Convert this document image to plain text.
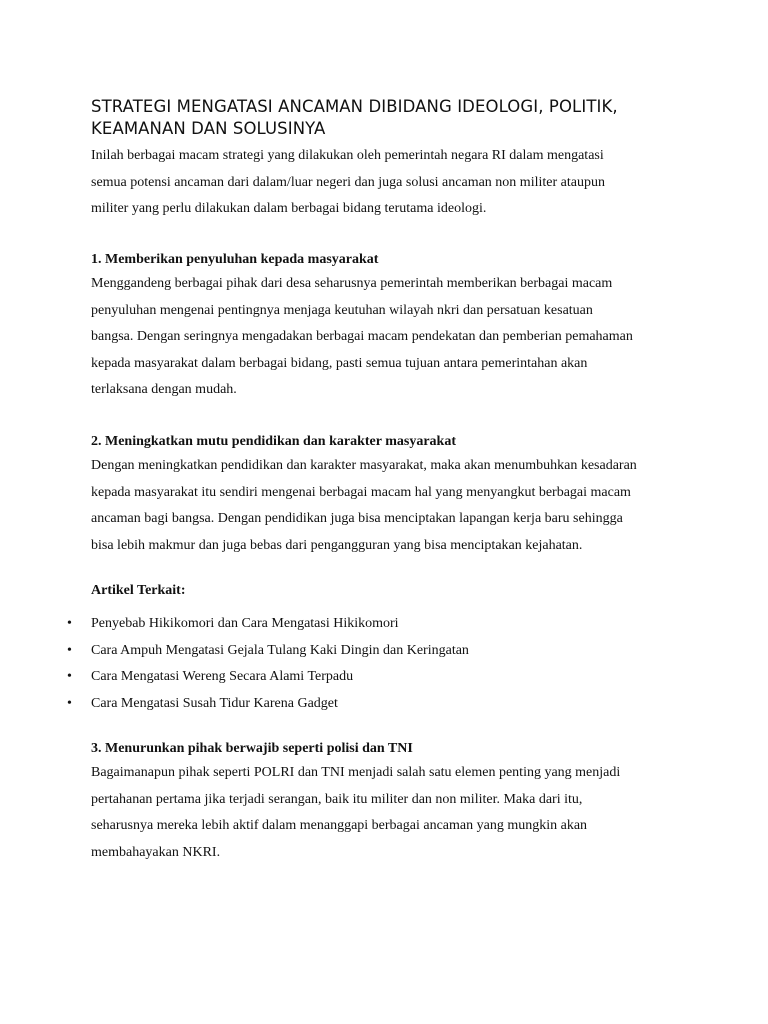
STRATEGI MENGATASI ANCAMAN DIBIDANG IDEOLOGI, POLITIK,
KEAMANAN DAN SOLUSINYA

Inilah berbagai macam strategi yang dilakukan oleh pemerintah negara RI dalam mengatasi

semua potensi ancaman dari dalam/luar negeri dan juga solusi ancaman non militer ataupun

militer yang perlu dilakukan dalam berbagai bidang terutama ideologi.

1. Memberikan penyuluhan kepada masyarakat

Menggandeng berbagai pihak dari desa seharusnya pemerintah memberikan berbagai macam

penyuluhan mengenai pentingnya menjaga keutuhan wilayah nkri dan persatuan kesatuan

bangsa. Dengan seringnya mengadakan berbagai macam pendekatan dan pemberian pemahaman

kepada masyarakat dalam berbagai bidang, pasti semua tujuan antara pemerintahan akan

terlaksana dengan mudah.

2. Meningkatkan mutu pendidikan dan karakter masyarakat

Dengan meningkatkan pendidikan dan karakter masyarakat, maka akan menumbuhkan kesadaran

kepada masyarakat itu sendiri mengenai berbagai macam hal yang menyangkut berbagai macam

ancaman bagi bangsa. Dengan pendidikan juga bisa menciptakan lapangan kerja baru sehingga

bisa lebih makmur dan juga bebas dari pengangguran yang bisa menciptakan kejahatan.

Artikel Terkait:

• Penyebab Hikikomori dan Cara Mengatasi Hikikomori
• Cara Ampuh Mengatasi Gejala Tulang Kaki Dingin dan Keringatan
• Cara Mengatasi Wereng Secara Alami Terpadu
• Cara Mengatasi Susah Tidur Karena Gadget

3. Menurunkan pihak berwajib seperti polisi dan TNI

Bagaimanapun pihak seperti POLRI dan TNI menjadi salah satu elemen penting yang menjadi

pertahanan pertama jika terjadi serangan, baik itu militer dan non militer. Maka dari itu,

seharusnya mereka lebih aktif dalam menanggapi berbagai ancaman yang mungkin akan

membahayakan NKRI.
